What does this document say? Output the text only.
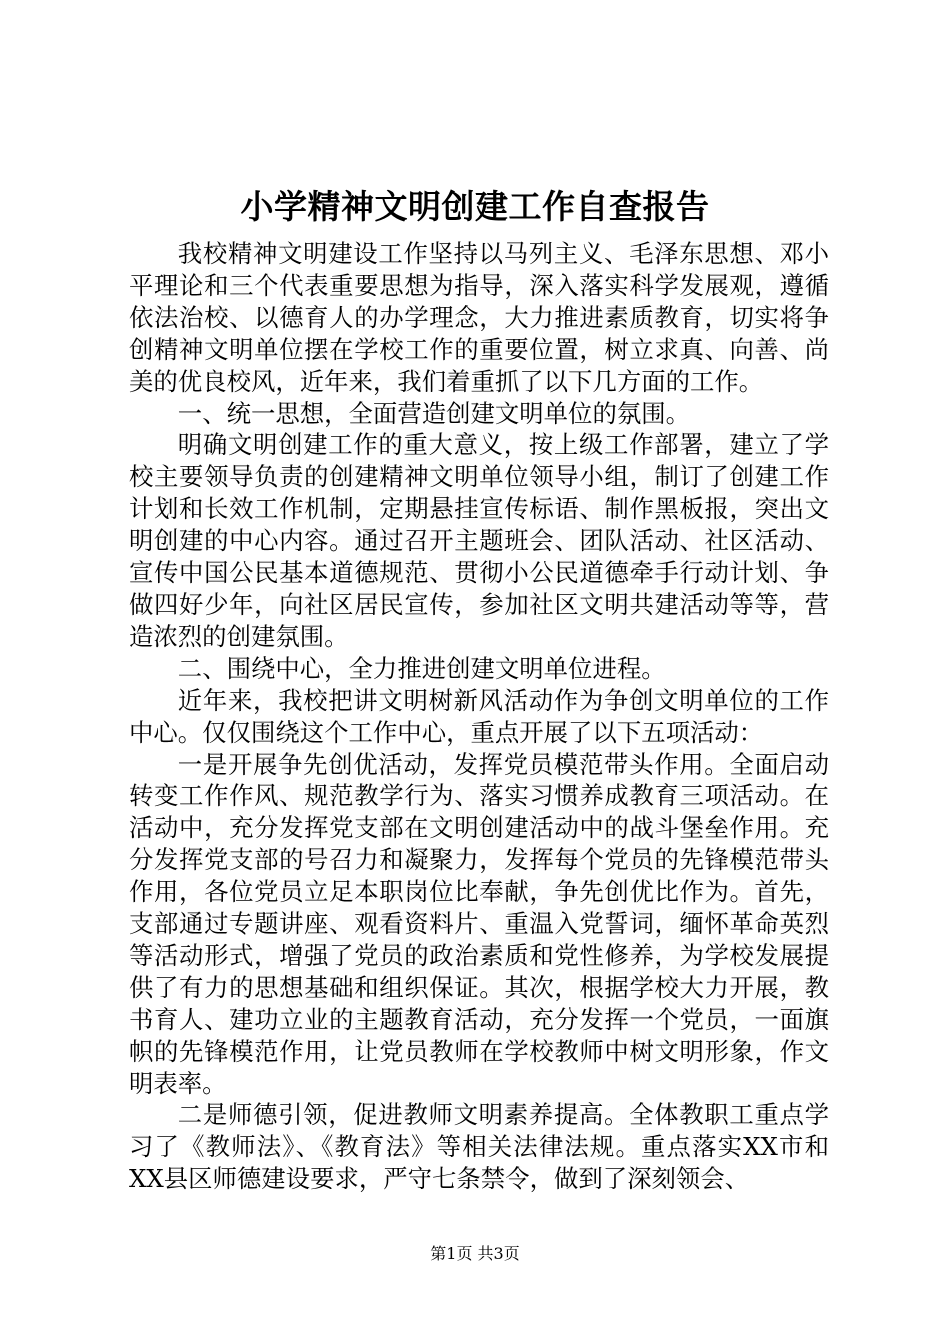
小学精神文明创建工作自查报告

我校精神文明建设工作坚持以马列主义、毛泽东思想、邓小平理论和三个代表重要思想为指导，深入落实科学发展观，遵循依法治校、以德育人的办学理念，大力推进素质教育，切实将争创精神文明单位摆在学校工作的重要位置，树立求真、向善、尚美的优良校风，近年来，我们着重抓了以下几方面的工作。

一、统一思想，全面营造创建文明单位的氛围。

明确文明创建工作的重大意义，按上级工作部署，建立了学校主要领导负责的创建精神文明单位领导小组，制订了创建工作计划和长效工作机制，定期悬挂宣传标语、制作黑板报，突出文明创建的中心内容。通过召开主题班会、团队活动、社区活动、宣传中国公民基本道德规范、贯彻小公民道德牵手行动计划、争做四好少年，向社区居民宣传，参加社区文明共建活动等等，营造浓烈的创建氛围。

二、围绕中心，全力推进创建文明单位进程。

近年来，我校把讲文明树新风活动作为争创文明单位的工作中心。仅仅围绕这个工作中心，重点开展了以下五项活动：

一是开展争先创优活动，发挥党员模范带头作用。全面启动转变工作作风、规范教学行为、落实习惯养成教育三项活动。在活动中，充分发挥党支部在文明创建活动中的战斗堡垒作用。充分发挥党支部的号召力和凝聚力，发挥每个党员的先锋模范带头作用，各位党员立足本职岗位比奉献，争先创优比作为。首先，支部通过专题讲座、观看资料片、重温入党誓词，缅怀革命英烈等活动形式，增强了党员的政治素质和党性修养，为学校发展提供了有力的思想基础和组织保证。其次，根据学校大力开展，教书育人、建功立业的主题教育活动，充分发挥一个党员，一面旗帜的先锋模范作用，让党员教师在学校教师中树文明形象，作文明表率。

二是师德引领，促进教师文明素养提高。全体教职工重点学习了《教师法》、《教育法》等相关法律法规。重点落实XX市和XX县区师德建设要求，严守七条禁令，做到了深刻领会、

第1页 共3页
